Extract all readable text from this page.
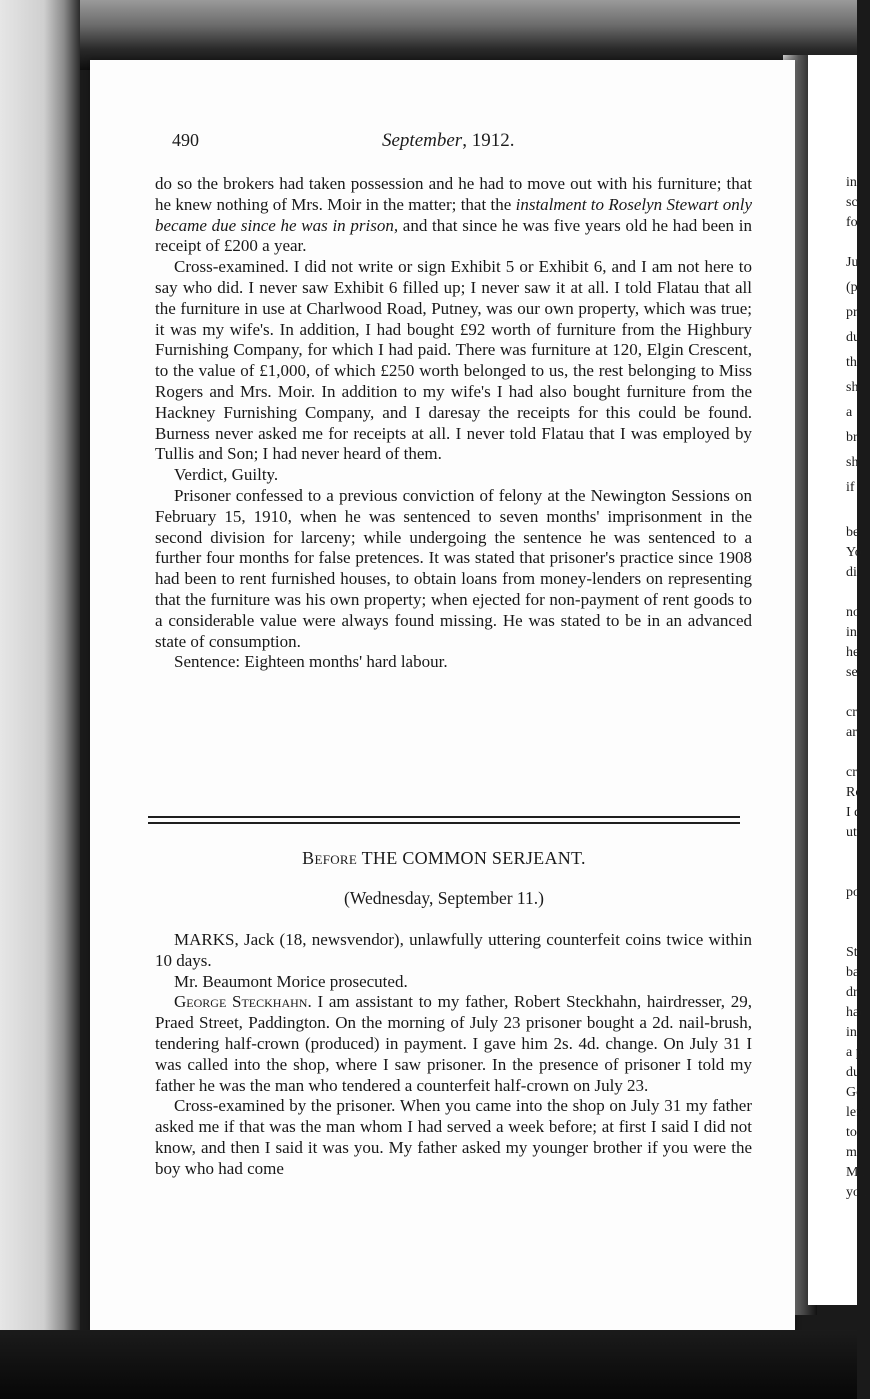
in
sc
fo
Ju
(p
pr
du
th
sh
a
br
sh
if
be
Yo
di
no
int
he
see
cr
are
cr
Ro
I d
utt
pol
Str
bar
dri
had
in
a p
duc
Goo
left
to
me
Ma
you
490	September, 1912.

do so the brokers had taken possession and he had to move out with his furniture; that he knew nothing of Mrs. Moir in the matter; that the instalment to Roselyn Stewart only became due since he was in prison, and that since he was five years old he had been in receipt of £200 a year.

Cross-examined. I did not write or sign Exhibit 5 or Exhibit 6, and I am not here to say who did. I never saw Exhibit 6 filled up; I never saw it at all. I told Flatau that all the furniture in use at Charlwood Road, Putney, was our own property, which was true; it was my wife's. In addition, I had bought £92 worth of furniture from the Highbury Furnishing Company, for which I had paid. There was furniture at 120, Elgin Crescent, to the value of £1,000, of which £250 worth belonged to us, the rest belonging to Miss Rogers and Mrs. Moir. In addition to my wife's I had also bought furniture from the Hackney Furnishing Company, and I daresay the receipts for this could be found. Burness never asked me for receipts at all. I never told Flatau that I was employed by Tullis and Son; I had never heard of them.

Verdict, Guilty.

Prisoner confessed to a previous conviction of felony at the Newington Sessions on February 15, 1910, when he was sentenced to seven months' imprisonment in the second division for larceny; while undergoing the sentence he was sentenced to a further four months for false pretences. It was stated that prisoner's practice since 1908 had been to rent furnished houses, to obtain loans from money-lenders on representing that the furniture was his own property; when ejected for non-payment of rent goods to a considerable value were always found missing. He was stated to be in an advanced state of consumption.

Sentence: Eighteen months' hard labour.

Before THE COMMON SERJEANT.
(Wednesday, September 11.)

MARKS, Jack (18, newsvendor), unlawfully uttering counterfeit coins twice within 10 days.

Mr. Beaumont Morice prosecuted.

George Steckhahn. I am assistant to my father, Robert Steckhahn, hairdresser, 29, Praed Street, Paddington. On the morning of July 23 prisoner bought a 2d. nail-brush, tendering half-crown (produced) in payment. I gave him 2s. 4d. change. On July 31 I was called into the shop, where I saw prisoner. In the presence of prisoner I told my father he was the man who tendered a counterfeit half-crown on July 23.

Cross-examined by the prisoner. When you came into the shop on July 31 my father asked me if that was the man whom I had served a week before; at first I said I did not know, and then I said it was you. My father asked my younger brother if you were the boy who had come
